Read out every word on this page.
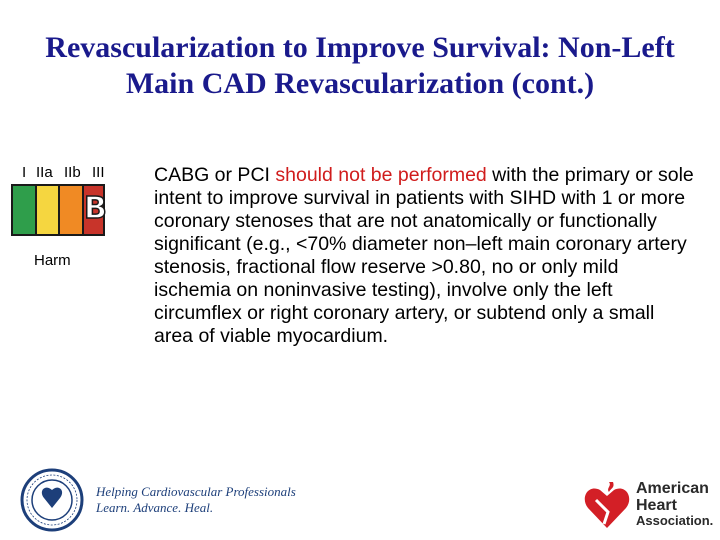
Revascularization to Improve Survival: Non-Left Main CAD Revascularization (cont.)
I IIa IIb III
B
Harm
CABG or PCI should not be performed with the primary or sole intent to improve survival in patients with SIHD with 1 or more coronary stenoses that are not anatomically or functionally significant (e.g., <70% diameter non–left main coronary artery stenosis, fractional flow reserve >0.80, no or only mild ischemia on noninvasive testing), involve only the left circumflex or right coronary artery, or subtend only a small area of viable myocardium.
Helping Cardiovascular Professionals
Learn. Advance. Heal.
American
Heart
Association.
